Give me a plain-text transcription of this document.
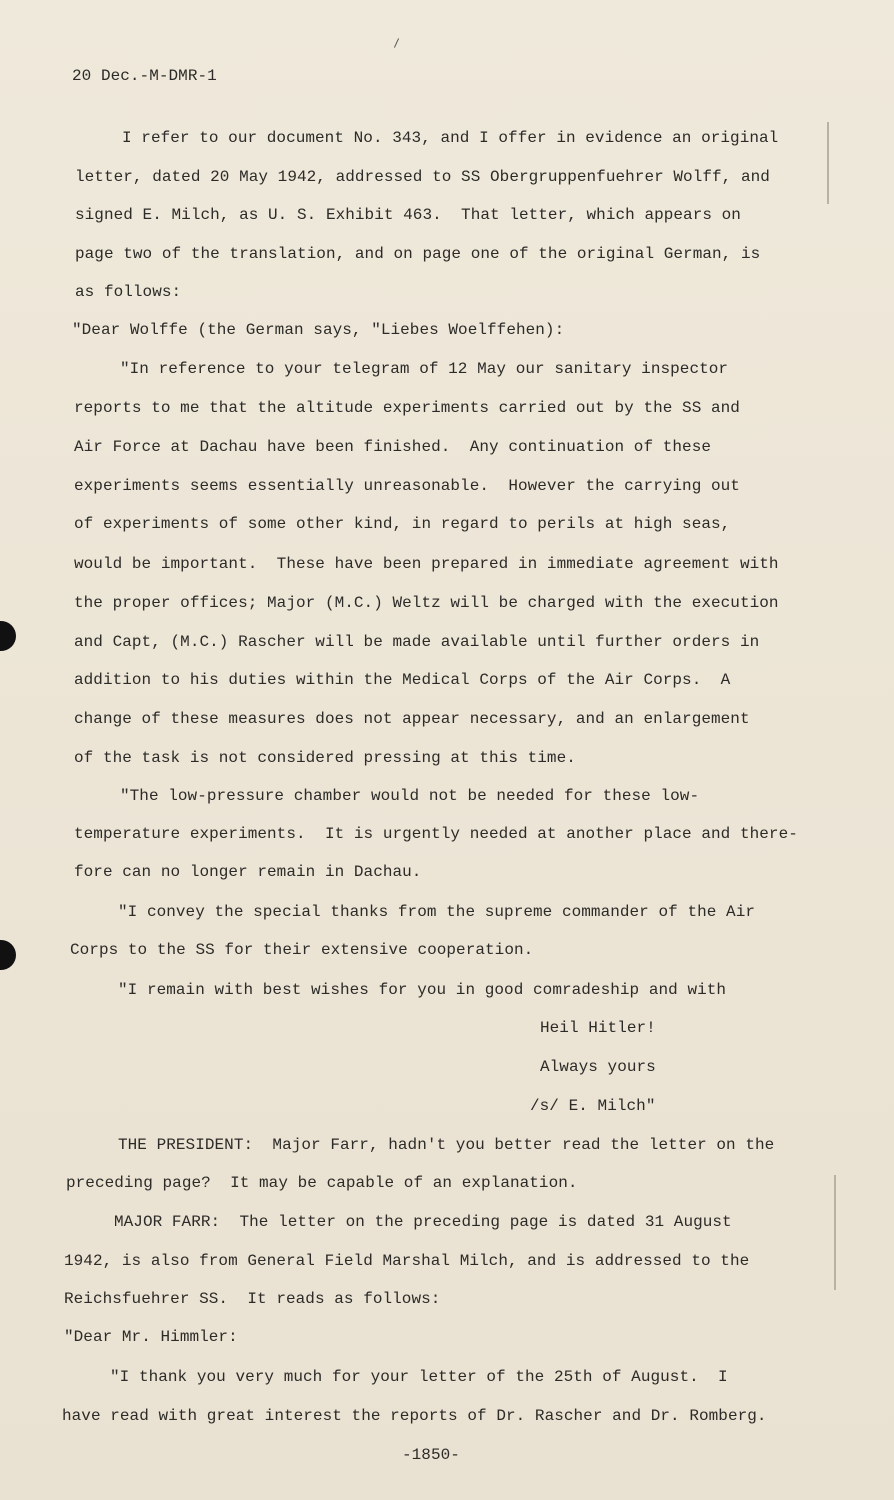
20 Dec.-M-DMR-1
I refer to our document No. 343, and I offer in evidence an original
letter, dated 20 May 1942, addressed to SS Obergruppenfuehrer Wolff, and
signed E. Milch, as U. S. Exhibit 463.  That letter, which appears on
page two of the translation, and on page one of the original German, is
as follows:
"Dear Wolffe (the German says, "Liebes Woelffehen):
"In reference to your telegram of 12 May our sanitary inspector
reports to me that the altitude experiments carried out by the SS and
Air Force at Dachau have been finished.  Any continuation of these
experiments seems essentially unreasonable.  However the carrying out
of experiments of some other kind, in regard to perils at high seas,
would be important.  These have been prepared in immediate agreement with
the proper offices; Major (M.C.) Weltz will be charged with the execution
and Capt, (M.C.) Rascher will be made available until further orders in
addition to his duties within the Medical Corps of the Air Corps.  A
change of these measures does not appear necessary, and an enlargement
of the task is not considered pressing at this time.
"The low-pressure chamber would not be needed for these low-
temperature experiments.  It is urgently needed at another place and there-
fore can no longer remain in Dachau.
"I convey the special thanks from the supreme commander of the Air
Corps to the SS for their extensive cooperation.
"I remain with best wishes for you in good comradeship and with
Heil Hitler!
Always yours
/s/ E. Milch"
THE PRESIDENT:  Major Farr, hadn't you better read the letter on the
preceding page?  It may be capable of an explanation.
MAJOR FARR:  The letter on the preceding page is dated 31 August
1942, is also from General Field Marshal Milch, and is addressed to the
Reichsfuehrer SS.  It reads as follows:
"Dear Mr. Himmler:
"I thank you very much for your letter of the 25th of August.  I
have read with great interest the reports of Dr. Rascher and Dr. Romberg.
-1850-
